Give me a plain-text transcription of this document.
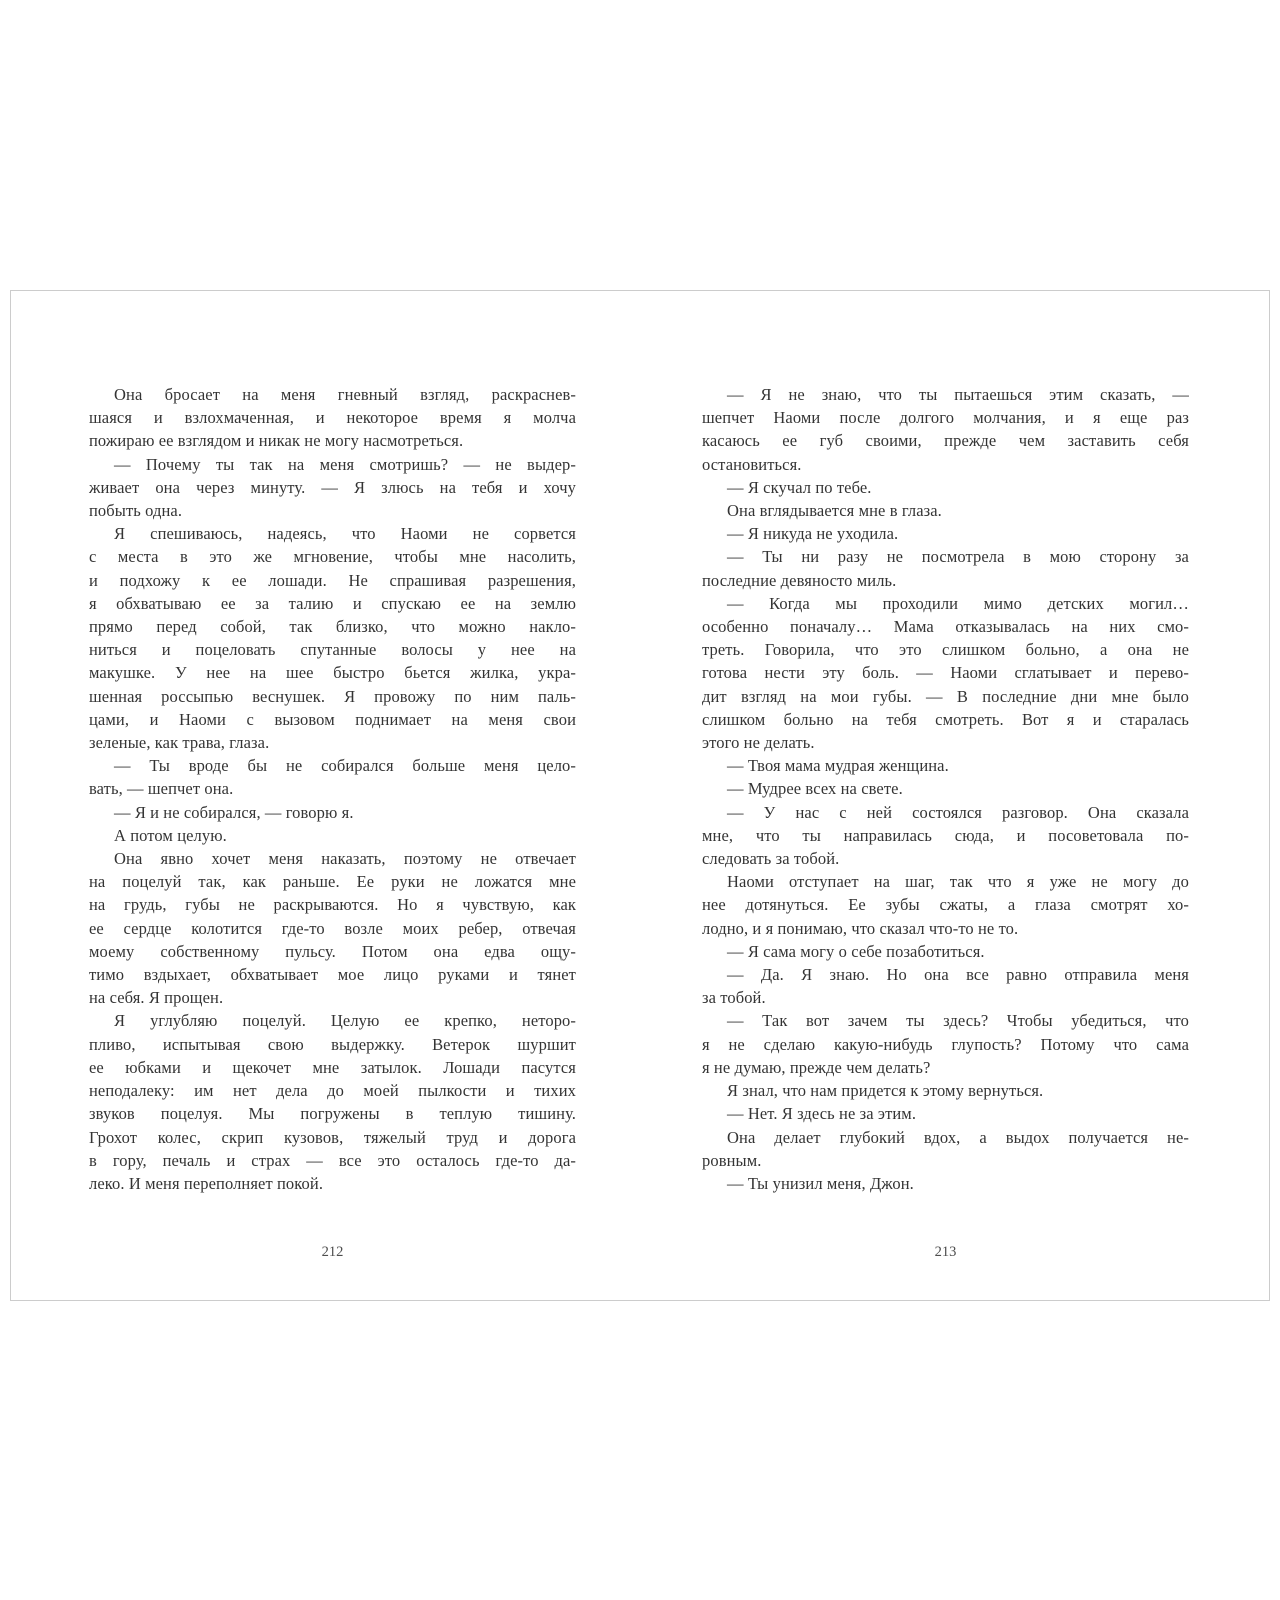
Она бросает на меня гневный взгляд, раскраснев-
шаяся и взлохмаченная, и некоторое время я молча
пожираю ее взглядом и никак не могу насмотреться.
— Почему ты так на меня смотришь? — не выдер-
живает она через минуту. — Я злюсь на тебя и хочу
побыть одна.
Я спешиваюсь, надеясь, что Наоми не сорвется
с места в это же мгновение, чтобы мне насолить,
и подхожу к ее лошади. Не спрашивая разрешения,
я обхватываю ее за талию и спускаю ее на землю
прямо перед собой, так близко, что можно накло-
ниться и поцеловать спутанные волосы у нее на
макушке. У нее на шее быстро бьется жилка, укра-
шенная россыпью веснушек. Я провожу по ним паль-
цами, и Наоми с вызовом поднимает на меня свои
зеленые, как трава, глаза.
— Ты вроде бы не собирался больше меня цело-
вать, — шепчет она.
— Я и не собирался, — говорю я.
А потом целую.
Она явно хочет меня наказать, поэтому не отвечает
на поцелуй так, как раньше. Ее руки не ложатся мне
на грудь, губы не раскрываются. Но я чувствую, как
ее сердце колотится где-то возле моих ребер, отвечая
моему собственному пульсу. Потом она едва ощу-
тимо вздыхает, обхватывает мое лицо руками и тянет
на себя. Я прощен.
Я углубляю поцелуй. Целую ее крепко, неторо-
пливо, испытывая свою выдержку. Ветерок шуршит
ее юбками и щекочет мне затылок. Лошади пасутся
неподалеку: им нет дела до моей пылкости и тихих
звуков поцелуя. Мы погружены в теплую тишину.
Грохот колес, скрип кузовов, тяжелый труд и дорога
в гору, печаль и страх — все это осталось где-то да-
леко. И меня переполняет покой.
— Я не знаю, что ты пытаешься этим сказать, —
шепчет Наоми после долгого молчания, и я еще раз
касаюсь ее губ своими, прежде чем заставить себя
остановиться.
— Я скучал по тебе.
Она вглядывается мне в глаза.
— Я никуда не уходила.
— Ты ни разу не посмотрела в мою сторону за
последние девяносто миль.
— Когда мы проходили мимо детских могил…
особенно поначалу… Мама отказывалась на них смо-
треть. Говорила, что это слишком больно, а она не
готова нести эту боль. — Наоми сглатывает и перево-
дит взгляд на мои губы. — В последние дни мне было
слишком больно на тебя смотреть. Вот я и старалась
этого не делать.
— Твоя мама мудрая женщина.
— Мудрее всех на свете.
— У нас с ней состоялся разговор. Она сказала
мне, что ты направилась сюда, и посоветовала по-
следовать за тобой.
Наоми отступает на шаг, так что я уже не могу до
нее дотянуться. Ее зубы сжаты, а глаза смотрят хо-
лодно, и я понимаю, что сказал что-то не то.
— Я сама могу о себе позаботиться.
— Да. Я знаю. Но она все равно отправила меня
за тобой.
— Так вот зачем ты здесь? Чтобы убедиться, что
я не сделаю какую-нибудь глупость? Потому что сама
я не думаю, прежде чем делать?
Я знал, что нам придется к этому вернуться.
— Нет. Я здесь не за этим.
Она делает глубокий вдох, а выдох получается не-
ровным.
— Ты унизил меня, Джон.
212	213
